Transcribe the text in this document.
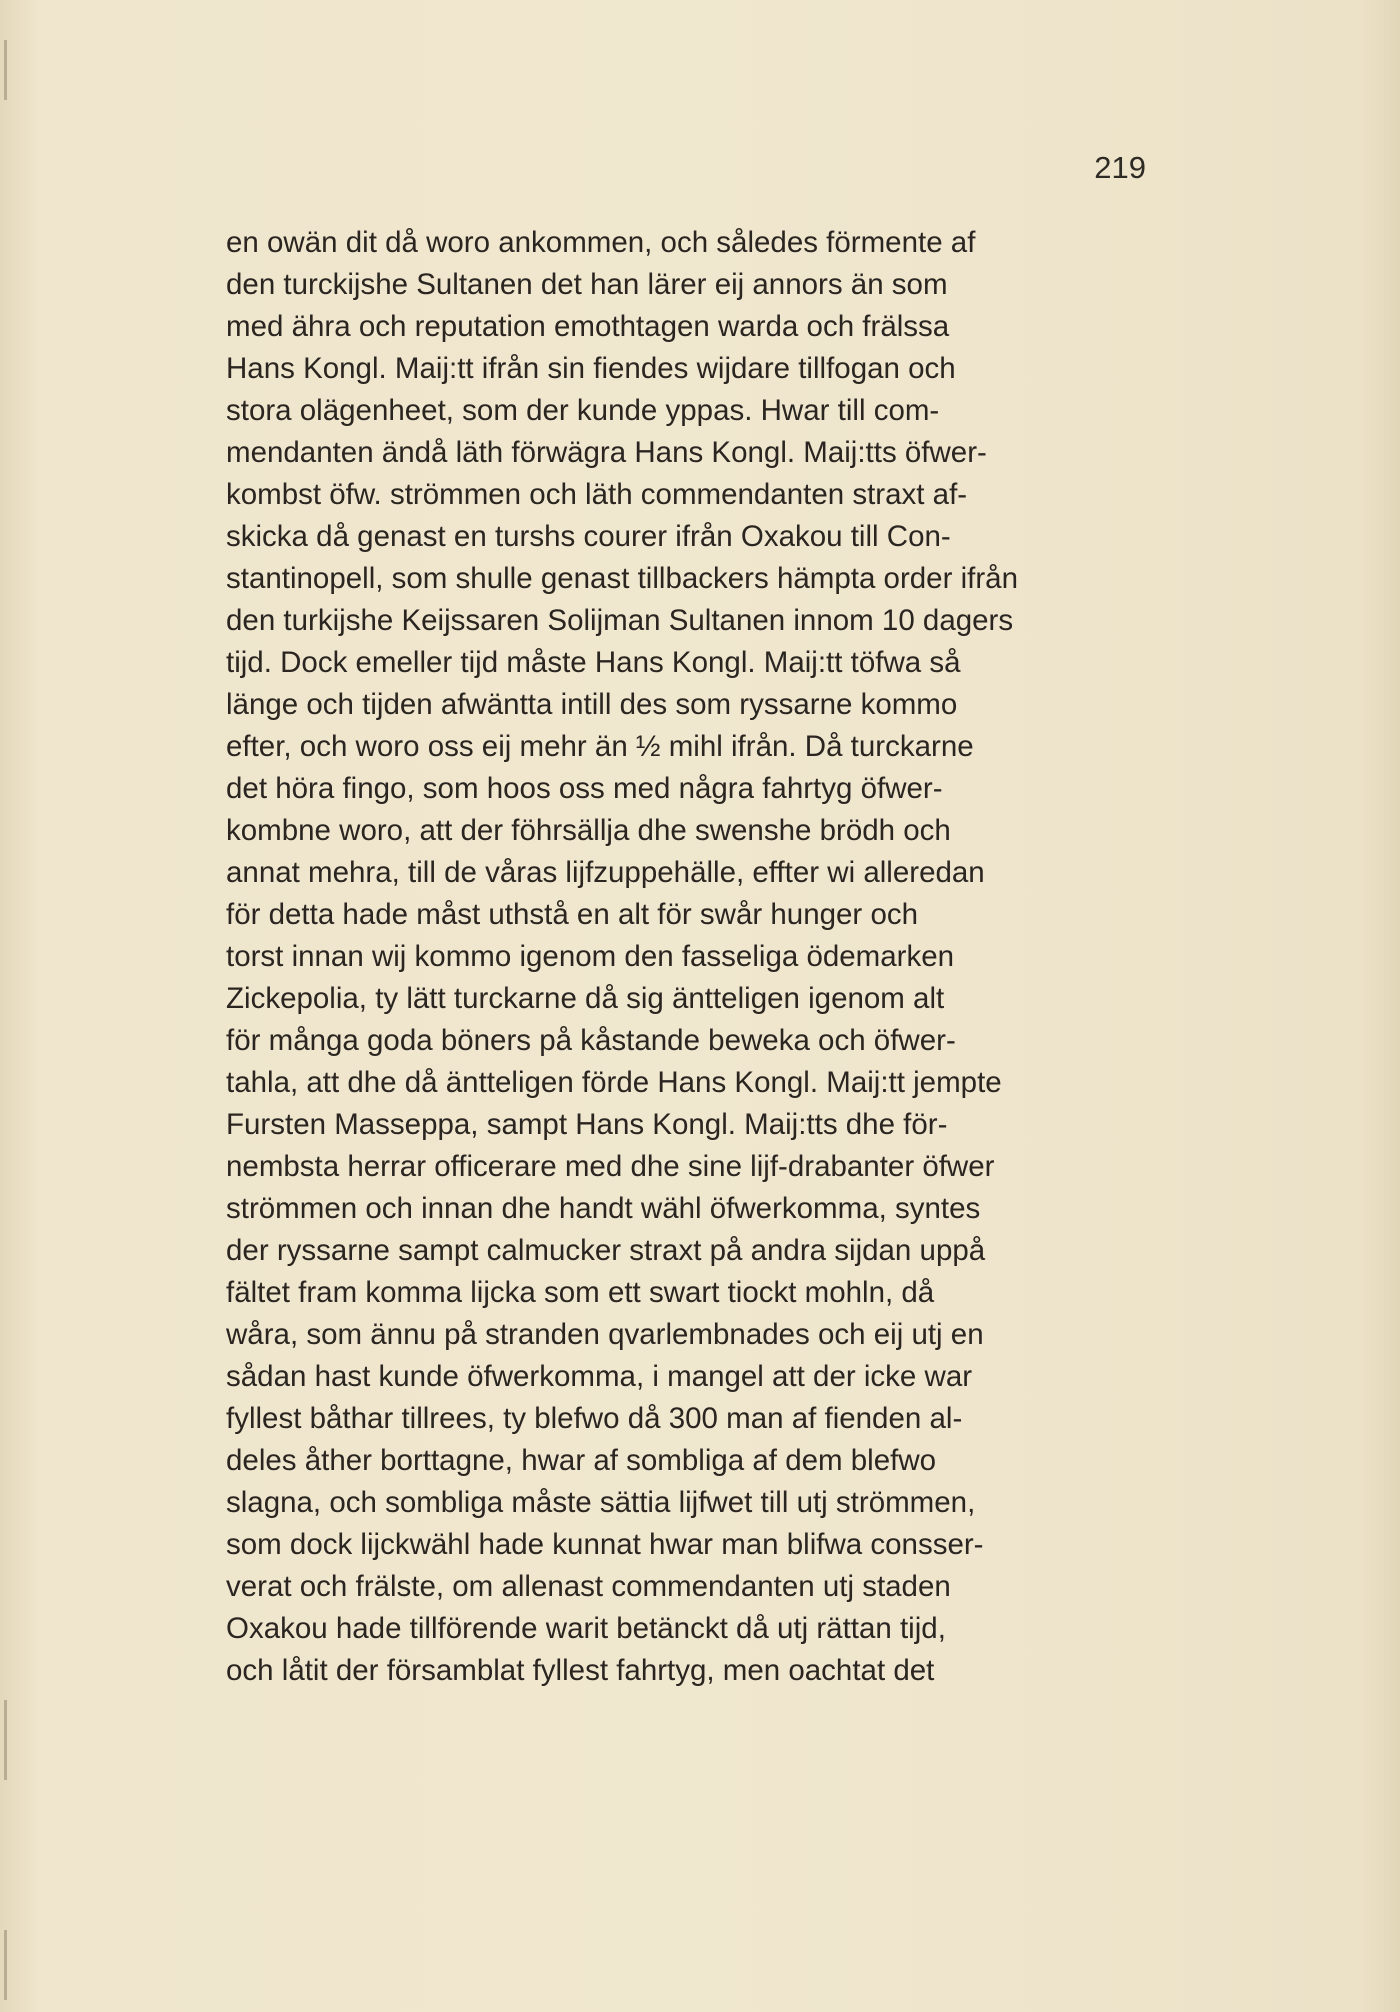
219
en owän dit då woro ankommen, och således förmente af
den turckijshe Sultanen det han lärer eij annors än som
med ähra och reputation emothtagen warda och frälssa
Hans Kongl. Maij:tt ifrån sin fiendes wijdare tillfogan och
stora olägenheet, som der kunde yppas. Hwar till com-
mendanten ändå läth förwägra Hans Kongl. Maij:tts öfwer-
kombst öfw. strömmen och läth commendanten straxt af-
skicka då genast en turshs courer ifrån Oxakou till Con-
stantinopell, som shulle genast tillbackers hämpta order ifrån
den turkijshe Keijssaren Solijman Sultanen innom 10 dagers
tijd. Dock emeller tijd måste Hans Kongl. Maij:tt töfwa så
länge och tijden afwäntta intill des som ryssarne kommo
efter, och woro oss eij mehr än ½ mihl ifrån. Då turckarne
det höra fingo, som hoos oss med några fahrtyg öfwer-
kombne woro, att der föhrsällja dhe swenshe brödh och
annat mehra, till de våras lijfzuppehälle, effter wi alleredan
för detta hade måst uthstå en alt för swår hunger och
torst innan wij kommo igenom den fasseliga ödemarken
Zickepolia, ty lätt turckarne då sig äntteligen igenom alt
för många goda böners på kåstande beweka och öfwer-
tahla, att dhe då äntteligen förde Hans Kongl. Maij:tt jempte
Fursten Masseppa, sampt Hans Kongl. Maij:tts dhe för-
nembsta herrar officerare med dhe sine lijf-drabanter öfwer
strömmen och innan dhe handt wähl öfwerkomma, syntes
der ryssarne sampt calmucker straxt på andra sijdan uppå
fältet fram komma lijcka som ett swart tiockt mohln, då
wåra, som ännu på stranden qvarlembnades och eij utj en
sådan hast kunde öfwerkomma, i mangel att der icke war
fyllest båthar tillrees, ty blefwo då 300 man af fienden al-
deles åther borttagne, hwar af sombliga af dem blefwo
slagna, och sombliga måste sättia lijfwet till utj strömmen,
som dock lijckwähl hade kunnat hwar man blifwa consser-
verat och frälste, om allenast commendanten utj staden
Oxakou hade tillförende warit betänckt då utj rättan tijd,
och låtit der församblat fyllest fahrtyg, men oachtat det
